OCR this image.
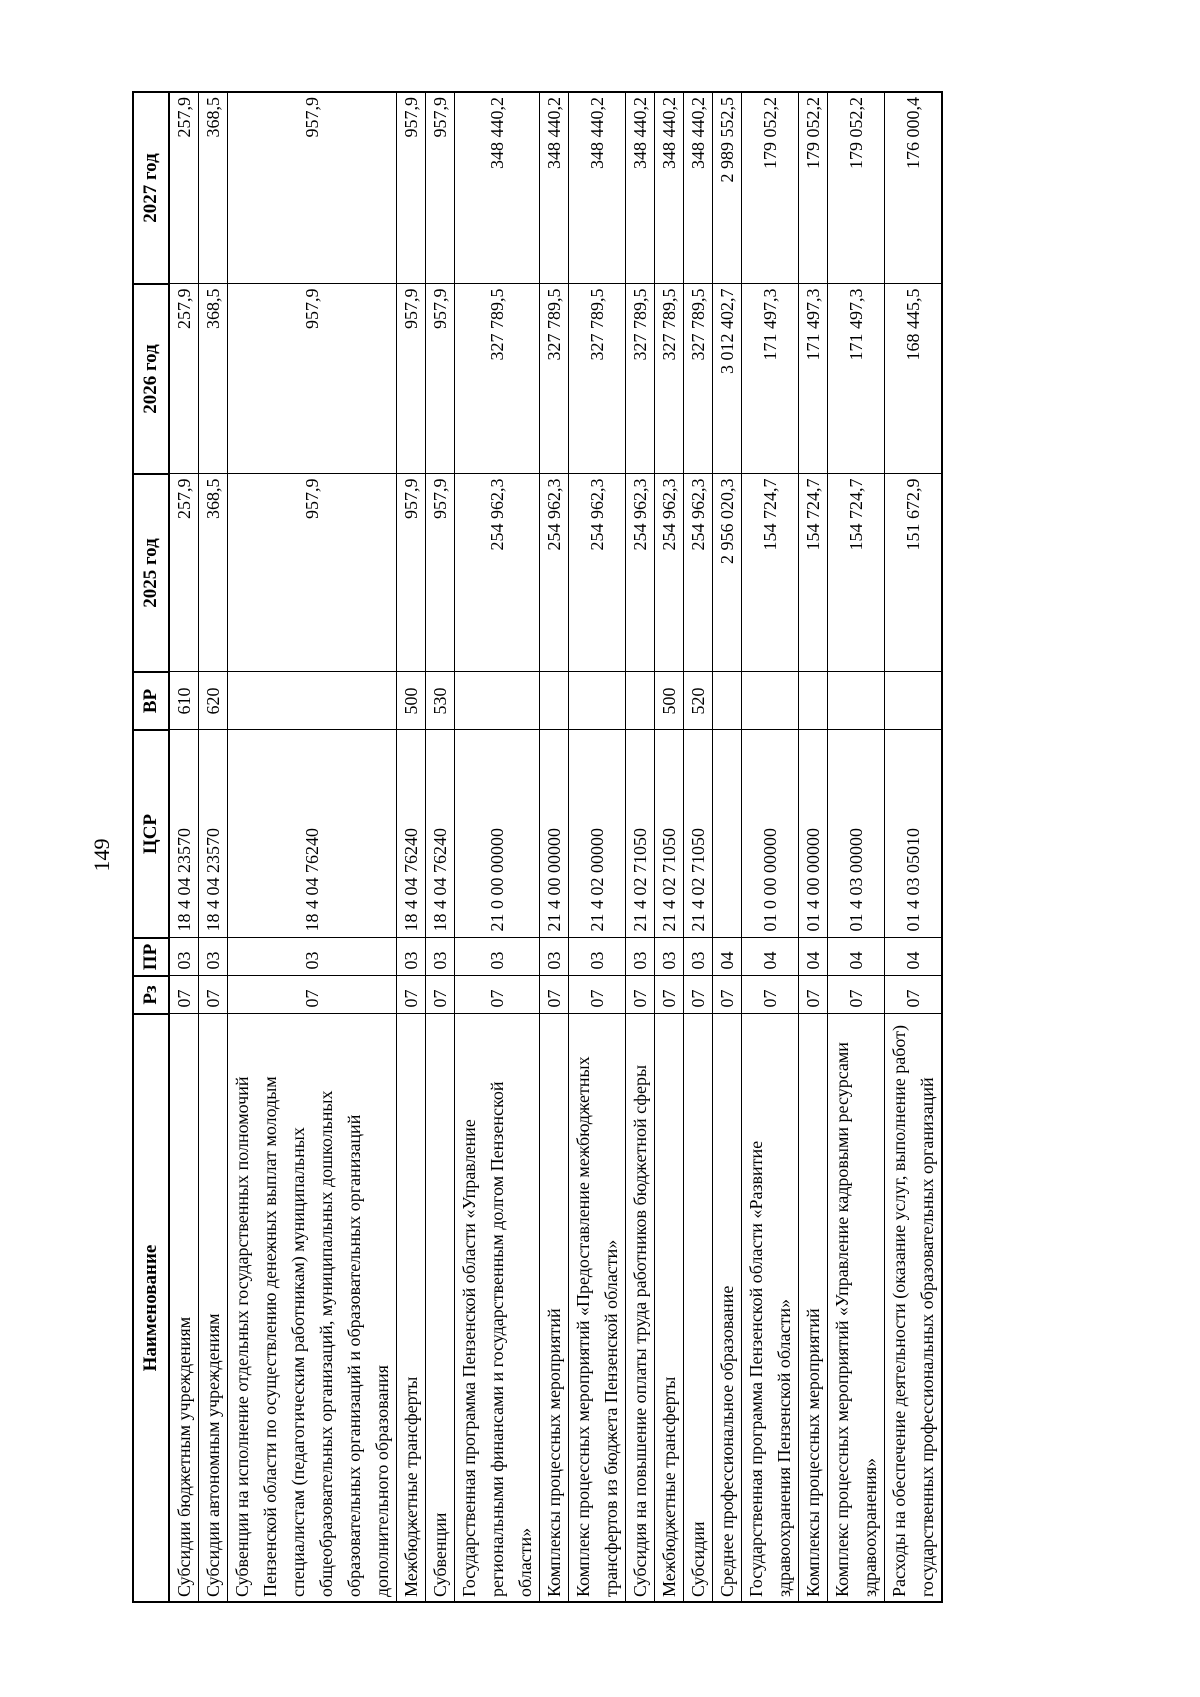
149
Наименование	Рз	ПР	ЦСР	ВР	2025 год	2026 год	2027 год
Субсидии бюджетным учреждениям	07	03	18 4 04 23570	610	257,9	257,9	257,9
Субсидии автономным учреждениям	07	03	18 4 04 23570	620	368,5	368,5	368,5
Субвенции на исполнение отдельных государственных полномочий Пензенской области по осуществлению денежных выплат молодым специалистам (педагогическим работникам) муниципальных общеобразовательных организаций, муниципальных дошкольных образовательных организаций и образовательных организаций дополнительного образования	07	03	18 4 04 76240		957,9	957,9	957,9
Межбюджетные трансферты	07	03	18 4 04 76240	500	957,9	957,9	957,9
Субвенции	07	03	18 4 04 76240	530	957,9	957,9	957,9
Государственная программа Пензенской области «Управление региональными финансами и государственным долгом Пензенской области»	07	03	21 0 00 00000		254 962,3	327 789,5	348 440,2
Комплексы процессных мероприятий	07	03	21 4 00 00000		254 962,3	327 789,5	348 440,2
Комплекс процессных мероприятий «Предоставление межбюджетных трансфертов из бюджета Пензенской области»	07	03	21 4 02 00000		254 962,3	327 789,5	348 440,2
Субсидия на повышение оплаты труда работников бюджетной сферы	07	03	21 4 02 71050		254 962,3	327 789,5	348 440,2
Межбюджетные трансферты	07	03	21 4 02 71050	500	254 962,3	327 789,5	348 440,2
Субсидии	07	03	21 4 02 71050	520	254 962,3	327 789,5	348 440,2
Среднее профессиональное образование	07	04			2 956 020,3	3 012 402,7	2 989 552,5
Государственная программа Пензенской области «Развитие здравоохранения Пензенской области»	07	04	01 0 00 00000		154 724,7	171 497,3	179 052,2
Комплексы процессных мероприятий	07	04	01 4 00 00000		154 724,7	171 497,3	179 052,2
Комплекс процессных мероприятий «Управление кадровыми ресурсами здравоохранения»	07	04	01 4 03 00000		154 724,7	171 497,3	179 052,2
Расходы на обеспечение деятельности (оказание услуг, выполнение работ) государственных профессиональных образовательных организаций	07	04	01 4 03 05010		151 672,9	168 445,5	176 000,4
